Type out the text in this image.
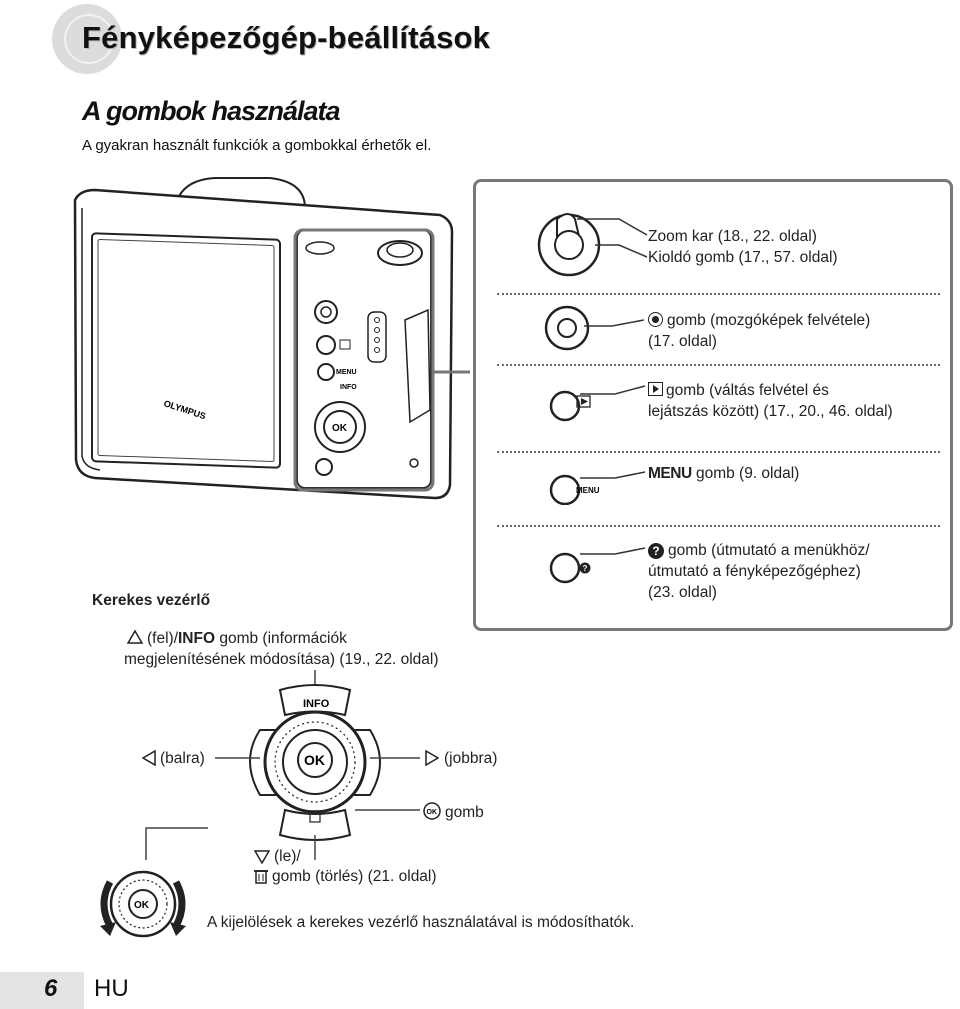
Fényképezőgép-beállítások
A gombok használata
A gyakran használt funkciók a gombokkal érhetők el.
OLYMPUS
MENU
INFO
OK
Zoom kar (18., 22. oldal)
Kioldó gomb (17., 57. oldal)
gomb (mozgóképek felvétele)
(17. oldal)
gomb (váltás felvétel és
lejátszás között) (17., 20., 46. oldal)
MENU
MENU gomb (9. oldal)
?
? gomb (útmutató a menükhöz/
útmutató a fényképezőgéphez)
(23. oldal)
Kerekes vezérlő
(fel)/INFO gomb (információk
megjelenítésének módosítása) (19., 22. oldal)
INFO
OK
(balra)	(jobbra)
OK gomb
(le)/
gomb (törlés) (21. oldal)
OK
A kijelölések a kerekes vezérlő használatával is módosíthatók.
6 HU
